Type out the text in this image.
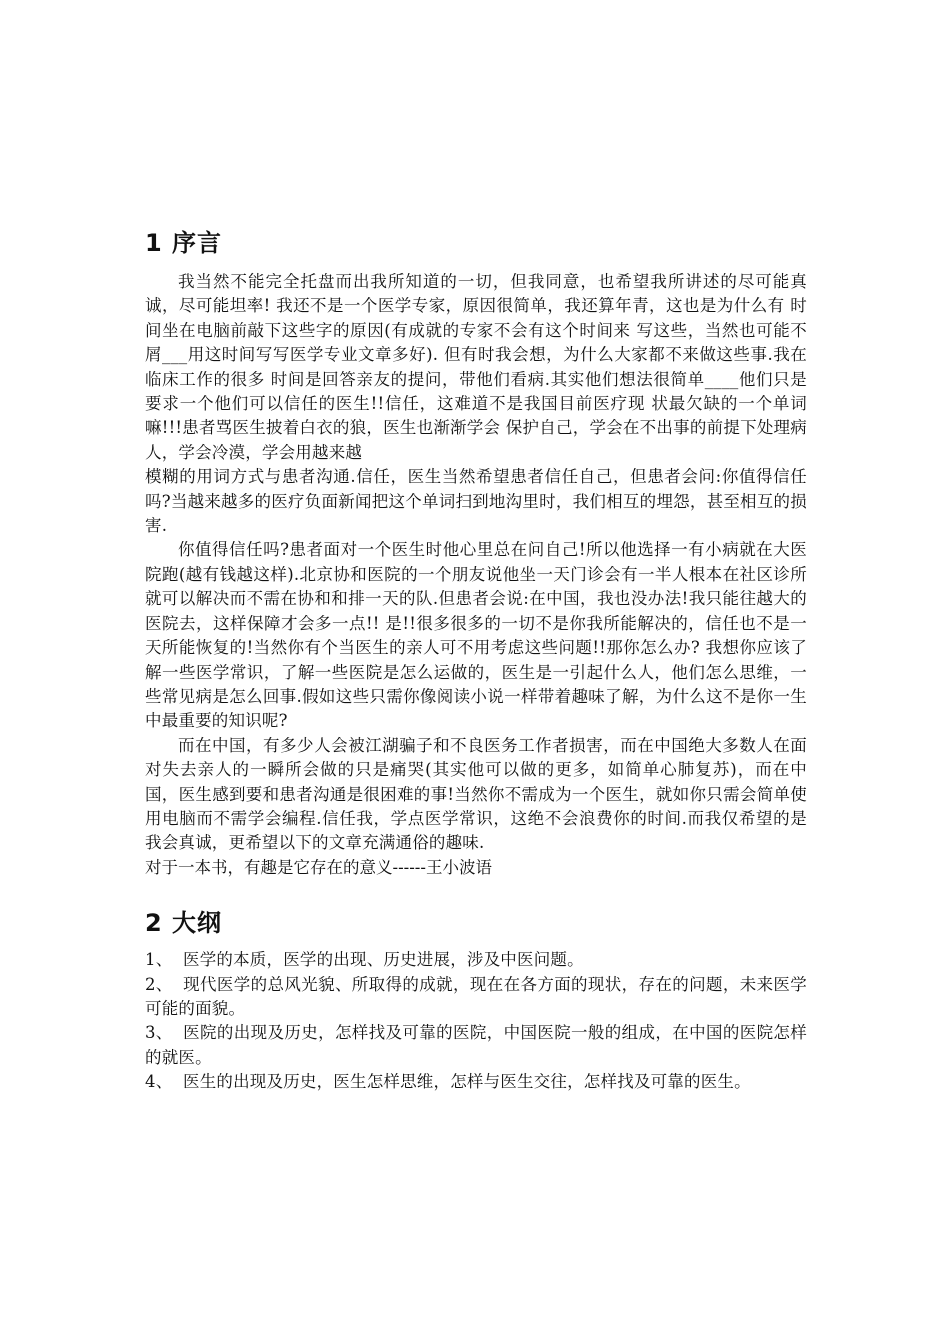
1 序言

我当然不能完全托盘而出我所知道的一切，但我同意，也希望我所讲述的尽可能真诚，尽可能坦率! 我还不是一个医学专家，原因很简单，我还算年青，这也是为什么有 时间坐在电脑前敲下这些字的原因(有成就的专家不会有这个时间来 写这些，当然也可能不屑___用这时间写写医学专业文章多好). 但有时我会想，为什么大家都不来做这些事.我在临床工作的很多 时间是回答亲友的提问，带他们看病.其实他们想法很简单____他们只是要求一个他们可以信任的医生!!信任，这难道不是我国目前医疗现 状最欠缺的一个单词嘛!!!患者骂医生披着白衣的狼，医生也渐渐学会 保护自己，学会在不出事的前提下处理病人，学会冷漠，学会用越来越

模糊的用词方式与患者沟通.信任，医生当然希望患者信任自己，但患者会问:你值得信任吗?当越来越多的医疗负面新闻把这个单词扫到地沟里时，我们相互的埋怨，甚至相互的损害.

你值得信任吗?患者面对一个医生时他心里总在问自己!所以他选择一有小病就在大医院跑(越有钱越这样).北京协和医院的一个朋友说他坐一天门诊会有一半人根本在社区诊所就可以解决而不需在协和和排一天的队.但患者会说:在中国，我也没办法!我只能往越大的医院去，这样保障才会多一点!! 是!!很多很多的一切不是你我所能解决的，信任也不是一天所能恢复的!当然你有个当医生的亲人可不用考虑这些问题!!那你怎么办? 我想你应该了解一些医学常识，了解一些医院是怎么运做的，医生是一引起什么人，他们怎么思维，一些常见病是怎么回事.假如这些只需你像阅读小说一样带着趣味了解，为什么这不是你一生中最重要的知识呢?

而在中国，有多少人会被江湖骗子和不良医务工作者损害，而在中国绝大多数人在面对失去亲人的一瞬所会做的只是痛哭(其实他可以做的更多，如简单心肺复苏)，而在中国，医生感到要和患者沟通是很困难的事!当然你不需成为一个医生，就如你只需会简单使用电脑而不需学会编程.信任我，学点医学常识，这绝不会浪费你的时间.而我仅希望的是我会真诚，更希望以下的文章充满通俗的趣味.

对于一本书，有趣是它存在的意义------王小波语

2 大纲
1、 医学的本质，医学的出现、历史进展，涉及中医问题。
2、 现代医学的总风光貌、所取得的成就，现在在各方面的现状，存在的问题，未来医学可能的面貌。
3、 医院的出现及历史，怎样找及可靠的医院，中国医院一般的组成，在中国的医院怎样的就医。
4、 医生的出现及历史，医生怎样思维，怎样与医生交往，怎样找及可靠的医生。
